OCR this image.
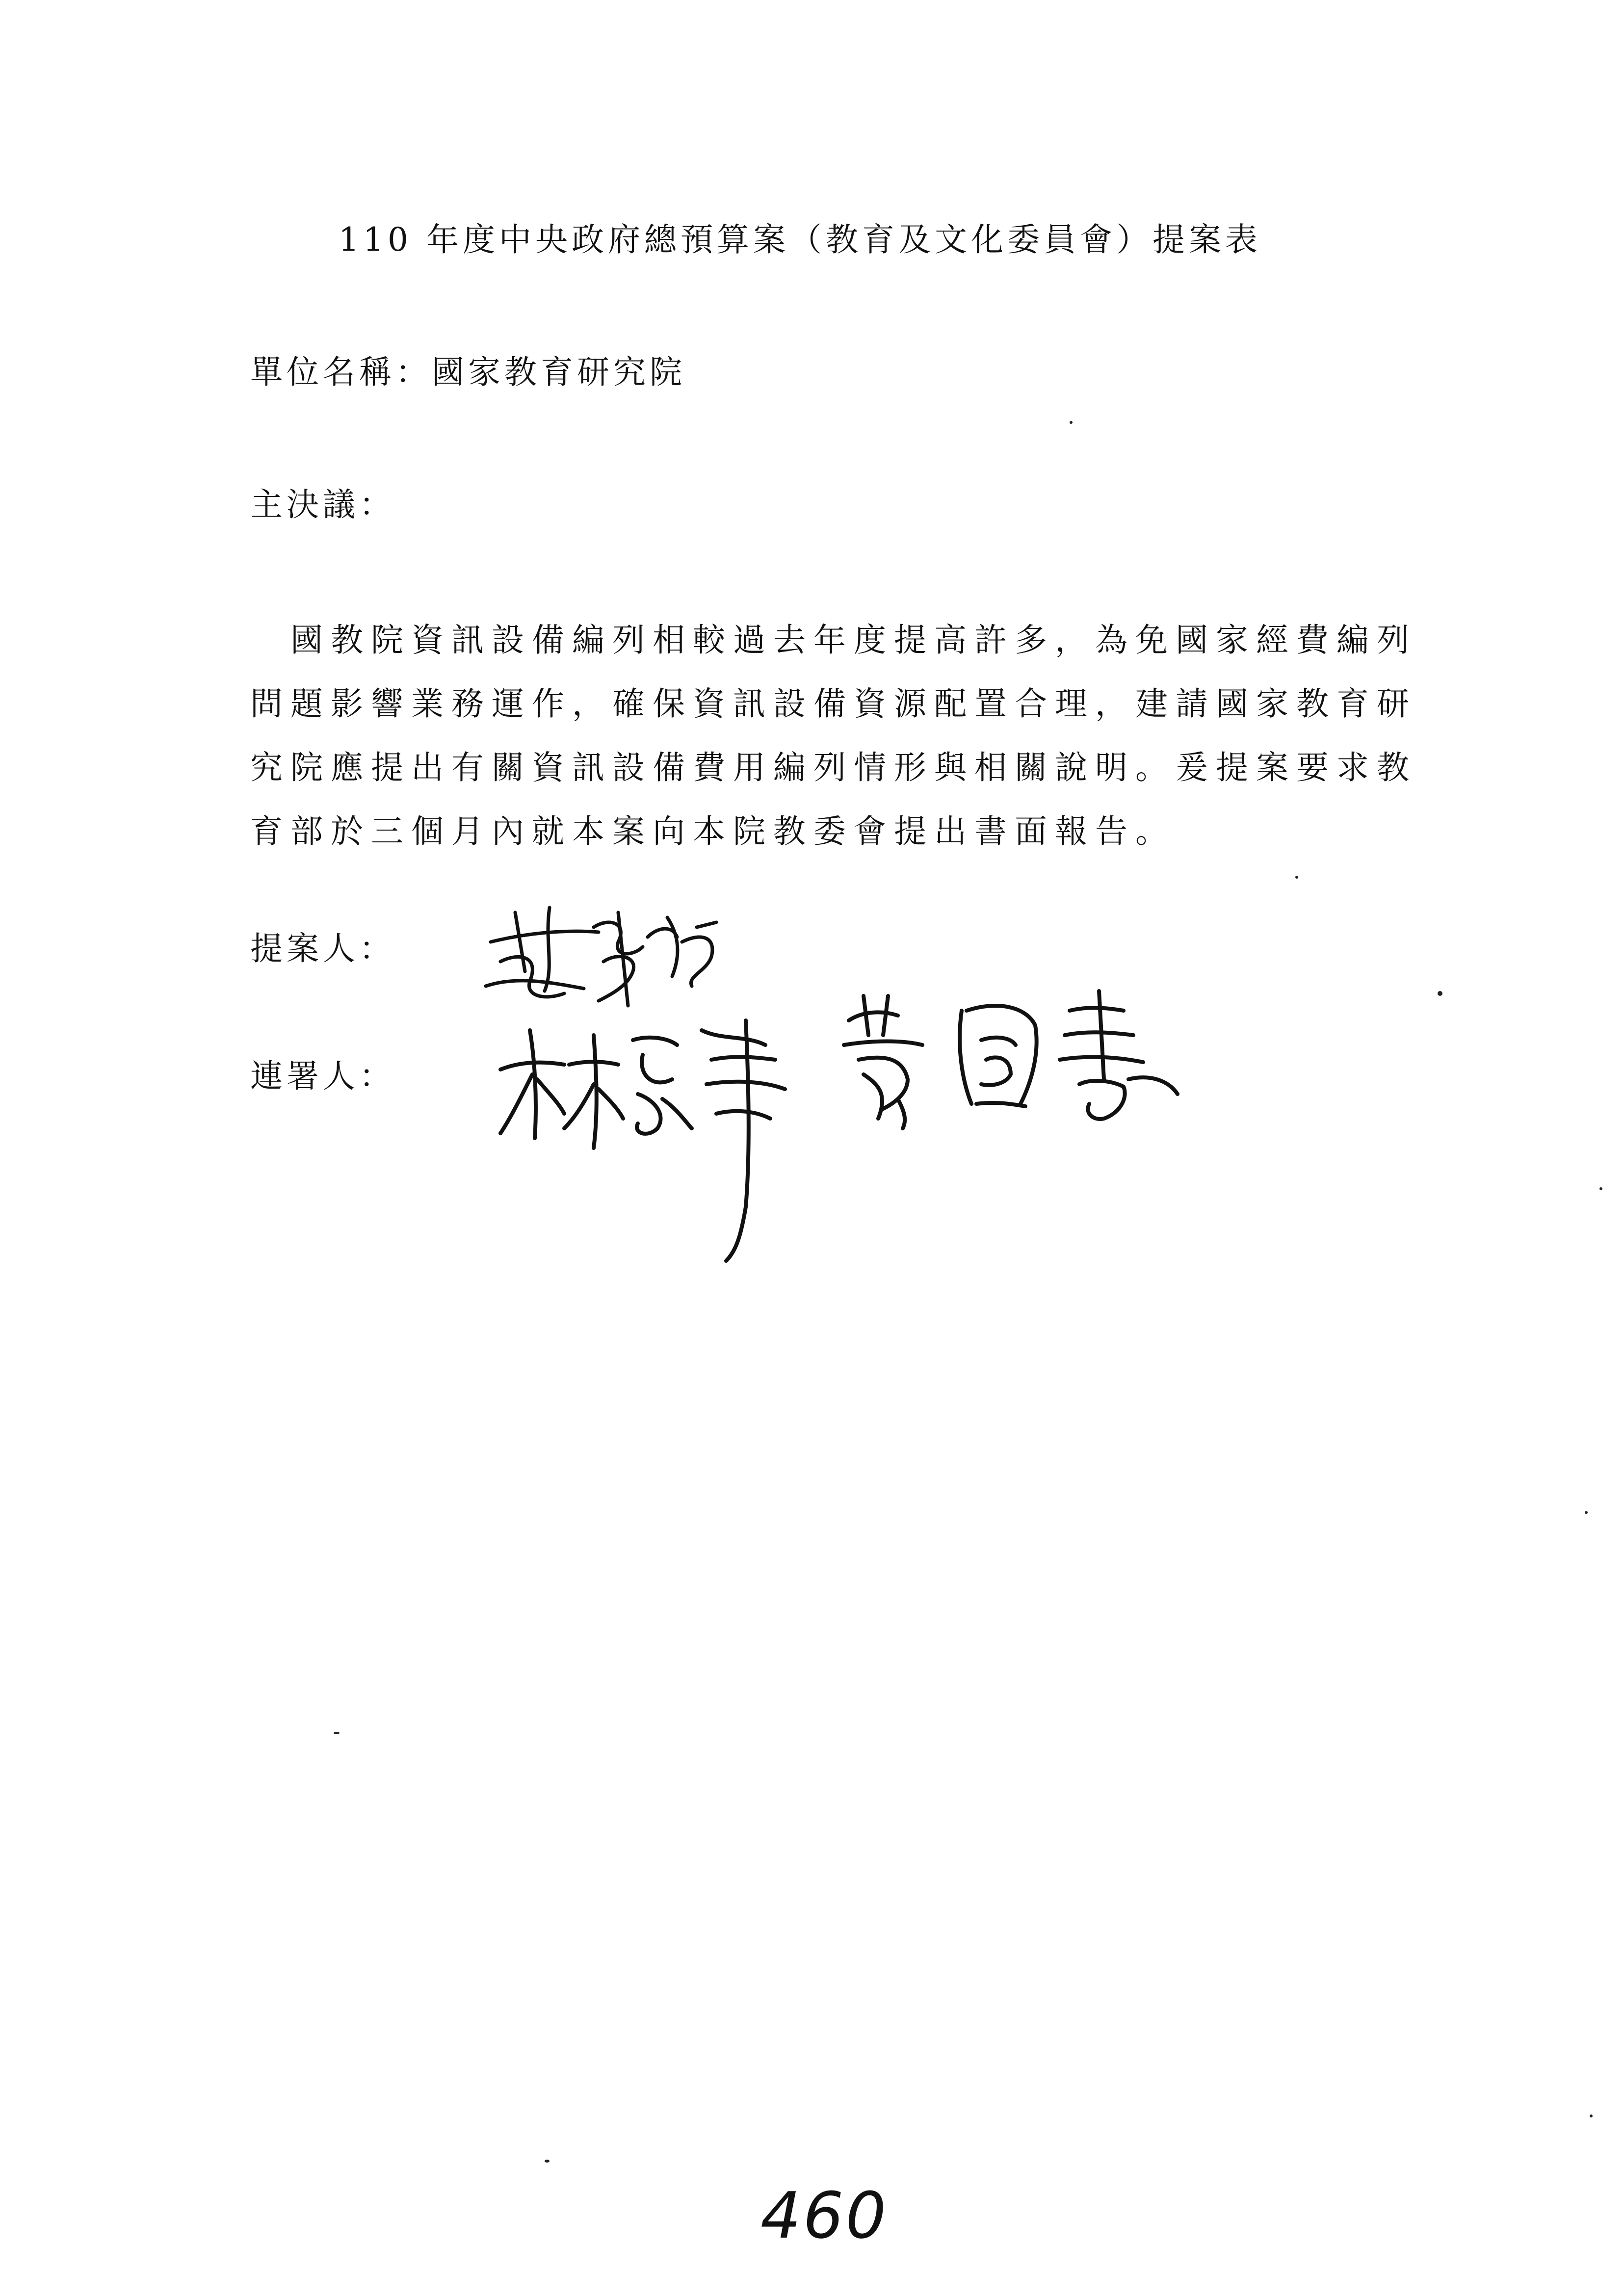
110 年度中央政府總預算案（教育及文化委員會）提案表
單位名稱：國家教育研究院
主決議：
國教院資訊設備編列相較過去年度提高許多，為免國家經費編列
問題影響業務運作，確保資訊設備資源配置合理，建請國家教育研
究院應提出有關資訊設備費用編列情形與相關說明。爰提案要求教
育部於三個月內就本案向本院教委會提出書面報告。
提案人：
連署人：
460
